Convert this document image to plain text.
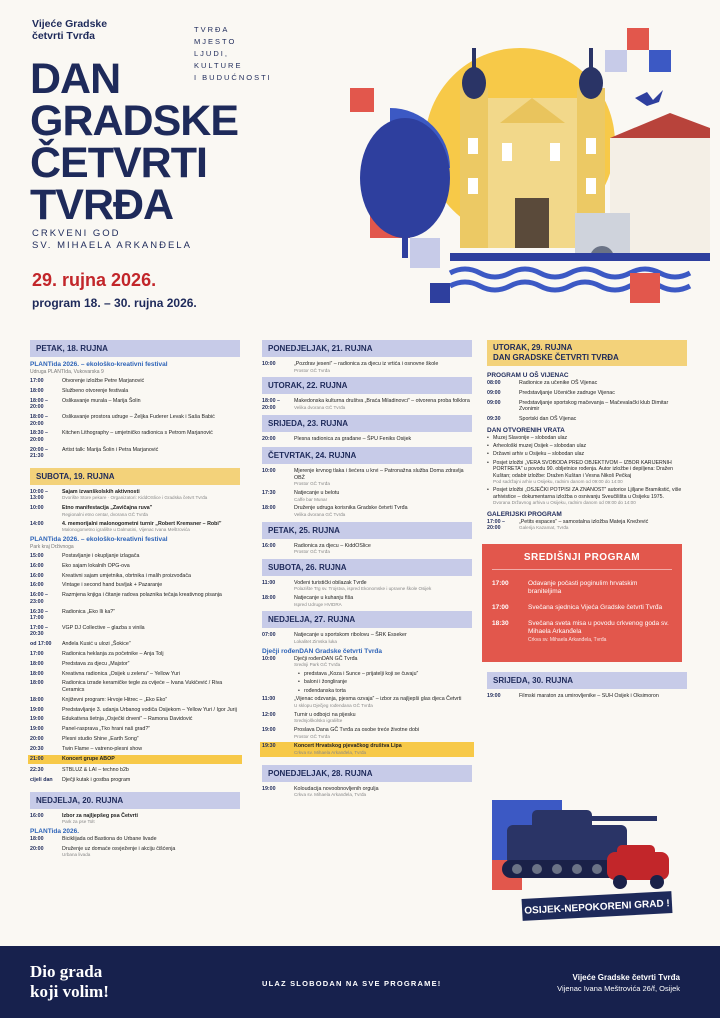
Vijeće Gradske
četvrti Tvrđa
TVRĐA
MJESTO
LJUDI,
KULTURE
I BUDUĆNOSTI
DAN
GRADSKE
ČETVRTI
TVRĐA
CRKVENI GOD
SV. MIHAELA ARKANĐELA
29. rujna 2026.
program 18. – 30. rujna 2026.
PETAK, 18. RUJNA
PLANTida 2026. – ekološko-kreativni festival
Udruga PLANTIda, Vukovarska 9
17:00	Otvorenje izložbe Petre Marjanović
18:00	Službeno otvorenje festivala
18:00 – 20:00
Oslikavanje murala – Marija Šolin
18:00 – 20:00
Oslikavanje prostora udruge – Željka Fuderer Levak i Saša Babić
18:30 – 20:00
Kitchen Lithography – umjetničko radionica s Petrom Marjanović
20:00 – 21:30
Artist talk: Marija Šolin i Petra Marjanović
SUBOTA, 19. RUJNA
10:00 – 13:00
Sajam izvanškolskih aktivnosti
Dvorište Store pekare · Organizatori: KiddOSlice i Gradska četvrt Tvrđa
10:00	Etno manifestacija „Zavičajna ruva”
Regionalni etno centar, dvorana GČ Tvrđa
14:00	4. memorijalni malonogometni turnir „Robert Kremsner – Robi”
Malonogometno igralište u Dalmatini, Vijenac Ivana Meštrovića
PLANTida 2026. – ekološko-kreativni festival
Park kraj Drživnoga
15:00	Postavljanje i okupljanje izlagača
16:00	Eko sajam lokalnih OPG-ova
16:00	Kreativni sajam umjetnika, obrtnika i malih proizvođača
16:00	Vintage i second hand buvljak + Pazaranje
16:00 – 23:00
Razmjena knjiga i čitanje radova polaznika tečaja kreativnog pisanja
16:30 – 17:00
Radionica „Eko Ili ka?”
17:00 – 20:30
VGP DJ Collective – glazba s vinila
od 17:00	Anđela Kusić u ulozi „Šokice”
17:00	Radionica heklanja za početnike – Anja Tolj
18:00	Predstava za djecu „Majstor”
18:00	Kreativna radionica „Osijek u zelenu” – Yellow Yuri
18:00	Radionica izrade keramičke tegle za cvijeće – Ivana Vukičević / Riva Ceramics
18:00	Književni program: Hrvoje Hitrec – „Eko Eko”
19:00	Predstavljanje 3. udanja Urbanog vodiča Osijekom – Yellow Yuri / Igor Jurij
19:00	Edukativna šetnja „Osječki drveni” – Ramona Davidović
19:00	Panel-rasprava „Tko hrani naš grad?”
20:00	Plesni studio Shine „Earth Song”
20:30	Twin Flame – vatreno-plesni show
21:00	Koncert grupe ABOP
22:30	STBLUZ & LAI – techno b2b
cijeli dan	Dječji kutak i gostba program
NEDJELJA, 20. RUJNA
16:00	Izbor za najljepšeg psa Četvrti
Park za pse Tolt
PLANTida 2026.
18:00	Biciklijada od Bastiona do Urbane livade
20:00	Druženje uz domaće osvježenje i akciju čišćenja
Urbana livada
PONEDJELJAK, 21. RUJNA
10:00	„Pozdrav jeseni” – radionica za djecu iz vrtića i osnovne škole
Prostor GČ Tvrđa
UTORAK, 22. RUJNA
18:00 – 20:00
Makedonska kulturna društva „Braća Miladinovci” – otvorena proba folklora
Velika dvorana GČ Tvrđa
SRIJEDA, 23. RUJNA
20:00	Plesna radionica za građane – ŠPU Feniks Osijek
ČETVRTAK, 24. RUJNA
10:00	Mjerenje krvnog tlaka i šećera u krvi – Patronažna služba Doma zdravlja OBŽ
Prostor GČ Tvrđa
17:30	Natjecanje u belotu
Caffe bar Munar
18:00	Druženje udruga korisnika Gradske četvrti Tvrđa
Velika dvorana GČ Tvrđa
PETAK, 25. RUJNA
16:00	Radionica za djecu – KiddOSlice
Prostor GČ Tvrđa
SUBOTA, 26. RUJNA
11:00	Vođeni turistički obilazak Tvrđe
Polazište Trg sv. Trojstva, ispred Ekonomske i upravne škole Osijek
18:00	Natjecanje u kuhanju fiša
Ispred Udruge HVIDRA
NEDJELJA, 27. RUJNA
07:00	Natjecanje u sportskom ribolovu – ŠRK Esseker
Lokalitet Zimska luka
Dječji rođenDAN Gradske četvrti Tvrđa
10:00	Dječji rođenDAN GČ Tvrđa
Srednji Park GČ Tvrđa
• predstava „Koza i Sunce – prijatelji koji se čuvaju”
• baloni i žongliranje
• rođendanska torta
11:00	„Vijenac odzvanja, pjesma ozvaja” – izbor za najljepši glas djeca Četvrti
U sklopu Dječjeg rođendana GČ Tvrđa
12:00	Turnir u odbojci na pijesku
Srednjoškolsko igralište
19:00	Proslava Dana GČ Tvrđa za osobe treće životne dobi
Prostor GČ Tvrđa
19:30	Koncert Hrvatskog pjevačkog društva Lipa
Crkva sv. Mihaela Arkanđela, Tvrđa
PONEDJELJAK, 28. RUJNA
19:00	Koloudacija novoobnovljenih orgulja
Crkva sv. Mihaela Arkanđela, Tvrđa
UTORAK, 29. RUJNA
DAN GRADSKE ČETVRTI TVRĐA
PROGRAM U OŠ VIJENAC
08:00	Radionice za učenike OŠ Vijenac
09:00	Predstavljanje Učeničke zadruge Vijenac
09:00	Predstavljanje sportskog mačevanja – Mačevalački klub Dimitar Zvonimir
09:30	Sportski dan OŠ Vijenac
DAN OTVORENIH VRATA
• Muzej Slavonije – slobodan ulaz
• Arheološki muzej Osijek – slobodan ulaz
• Državni arhiv u Osijeku – slobodan ulaz
• Posjet izložbi „VERA SVOBODA PRED OBJEKTIVOM – IZBOR KARIJERNIH PORTRETA” u povodu 90. obljetnice rođenja. Autor izložbe i depiljena: Dražen Kuštan; odabir izložbe: Dražen Kuštan i Vesna Nikoš Pečkaj
Pod sadržajni arhiv u Osijeku, radnim danom od 09:00 do 14:00
• Posjet izložbi „OSJEČKI POTPISI ZA ZNANOST” autorice Ljiljane Bramikstić, više arhivistice – dokumentarna izložba o osnivanju Sveučilišta u Osijeku 1975.
Dvorana Državnog arhiva u Osijeku, radnim danom od 09:00 do 14:00
GALERIJSKI PROGRAM
17:00 – 20:00
„Petits espaces” – samostalna izložba Mateja Knežević
Galerija Kazamat, Tvrđa
SREDIŠNJI PROGRAM
17:00	Odavanje počasti poginulim hrvatskim braniteljima
17:00	Svečana sjednica Vijeća Gradske četvrti Tvrđa
18:30	Svečana sveta misa u povodu crkvenog goda sv. Mihaela Arkanđela
Crkva sv. Mihaela Arkanđela, Tvrđa
SRIJEDA, 30. RUJNA
19:00	Filmski maraton za umirovljenike – SUH Osijek i Oksimoron
OSIJEK-NEPOKORENI GRAD !
Dio grada
koji volim!	ULAZ SLOBODAN NA SVE PROGRAME!
Vijeće Gradske četvrti Tvrđa
Vijenac Ivana Meštrovića 26/f, Osijek
